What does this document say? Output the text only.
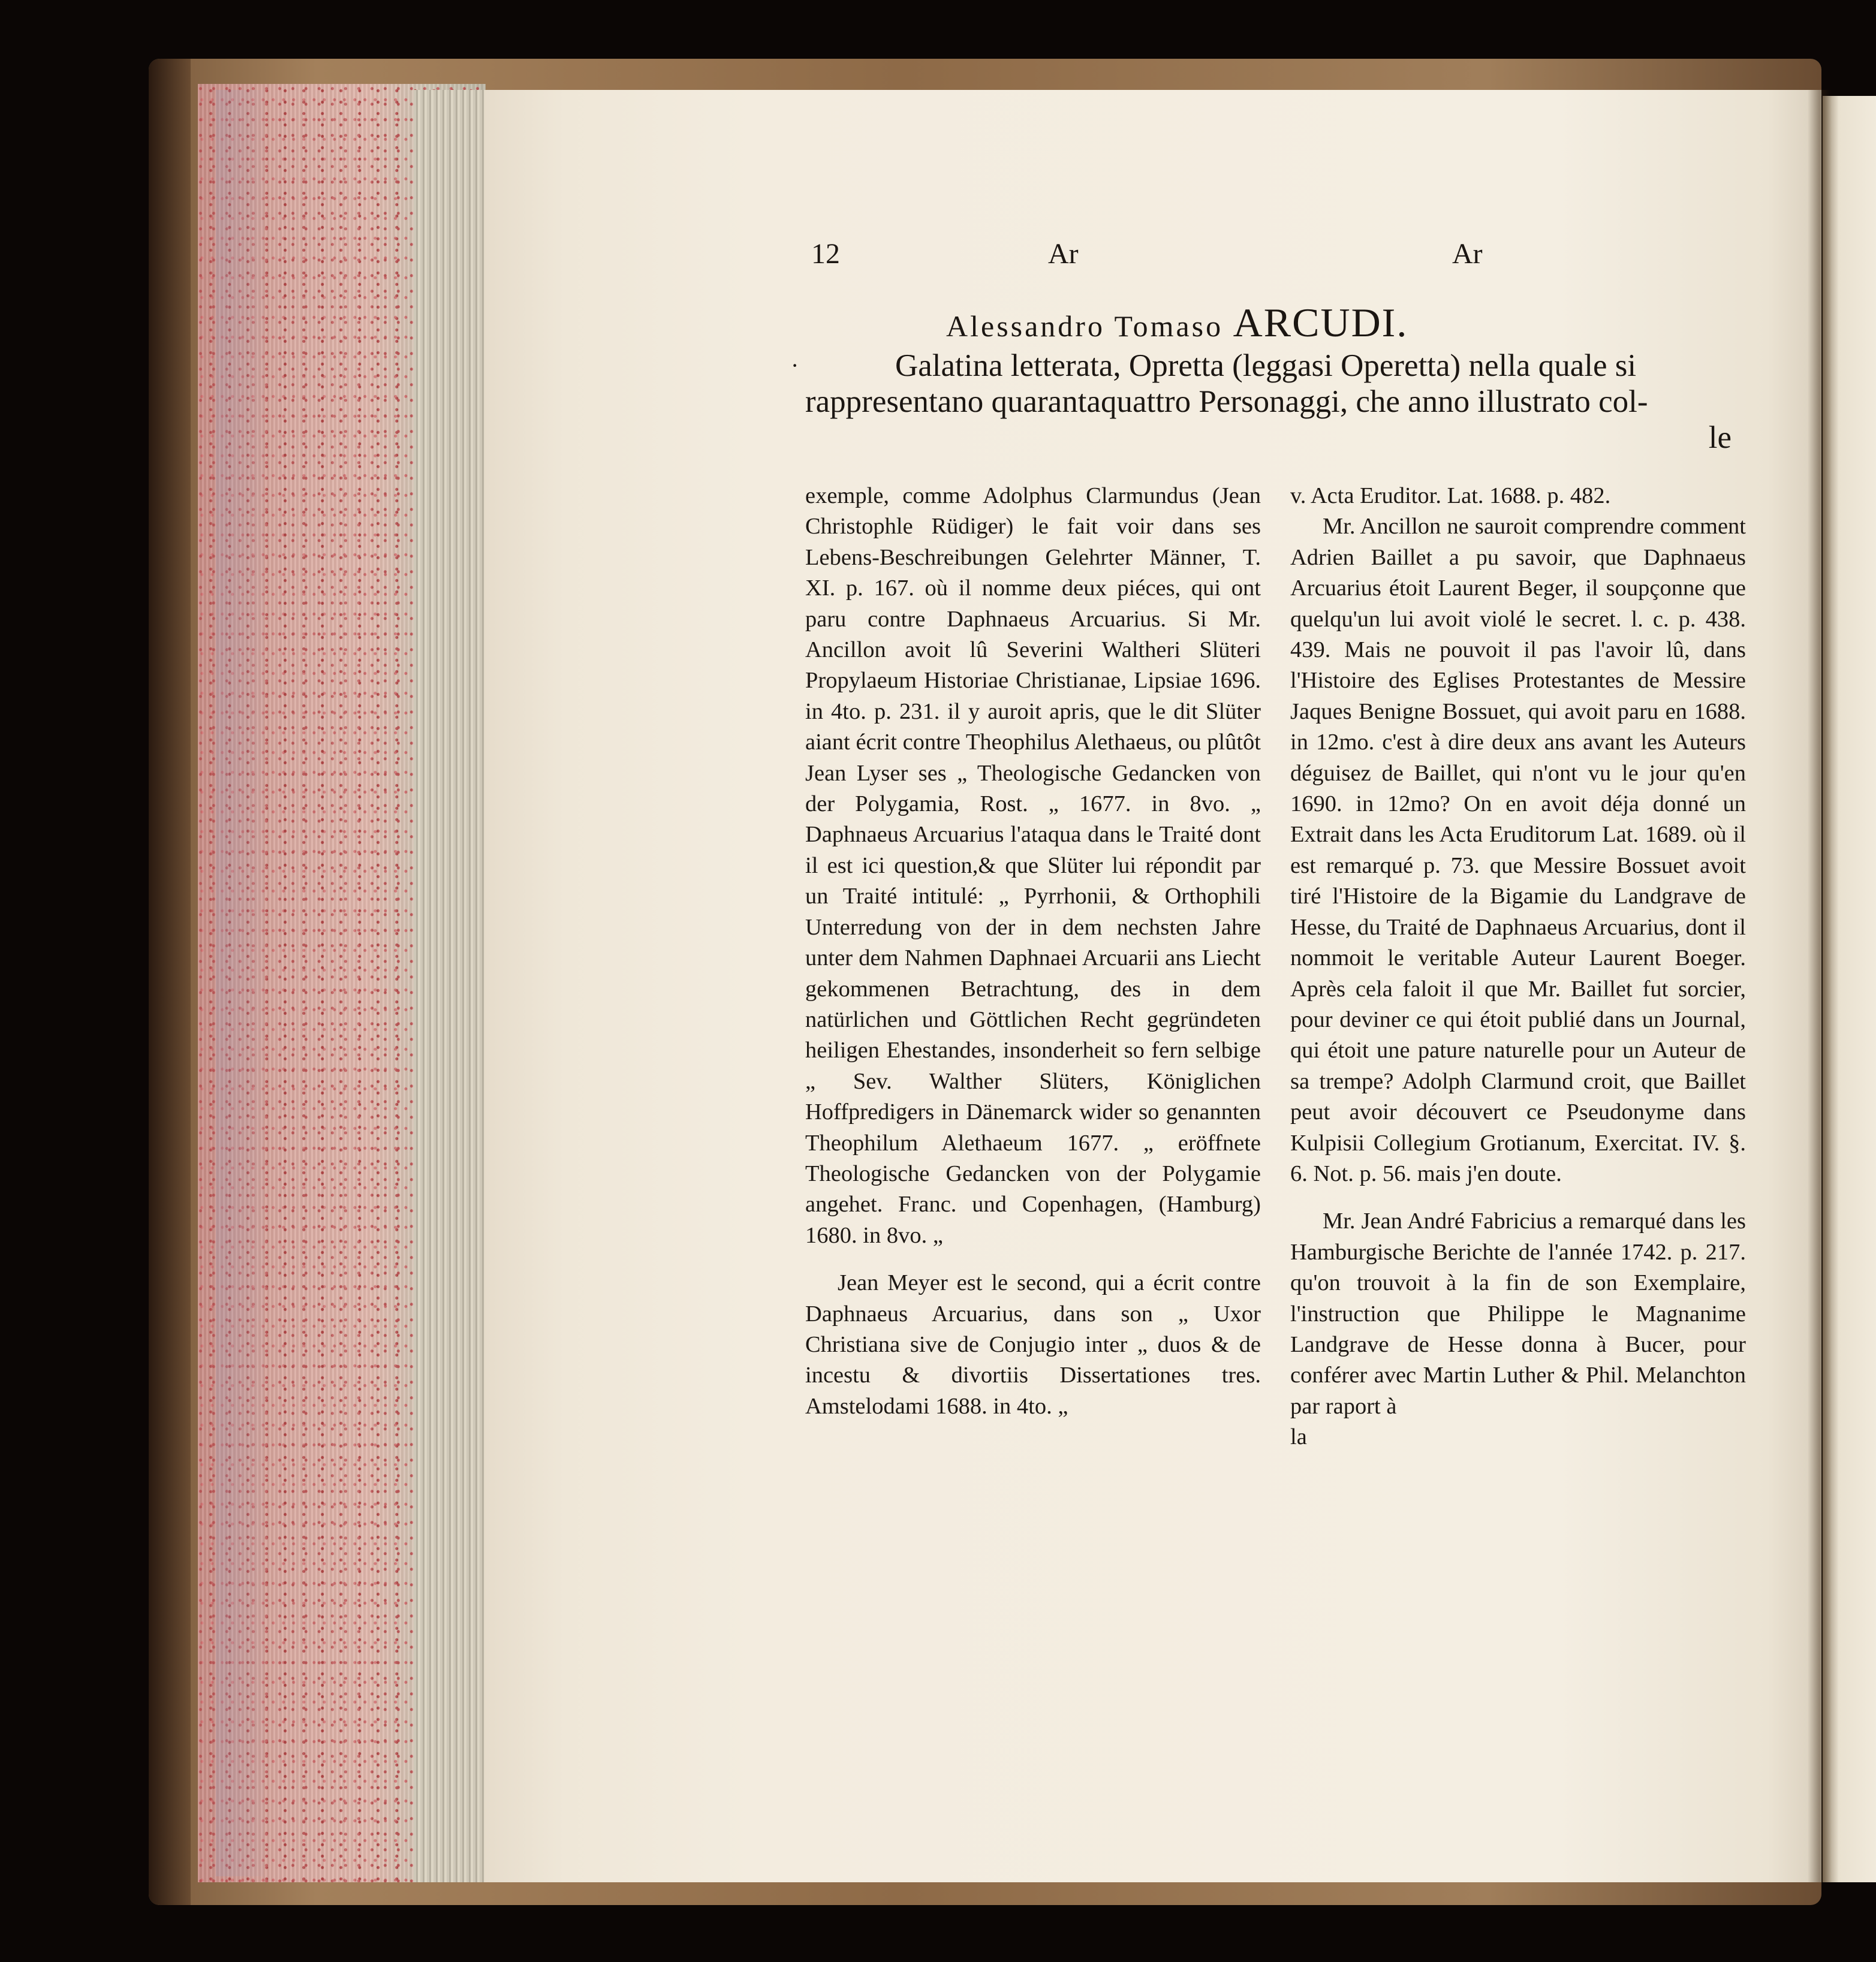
12	Ar	Ar
Alessandro Tomaso ARCUDI.
·	Galatina letterata, Opretta (leggasi Operetta) nella quale si
rappresentano quarantaquattro Personaggi, che anno illustrato col-
le

exemple, comme Adolphus Clarmundus (Jean Christophle Rüdiger) le fait voir dans ses Lebens-Beschreibungen Gelehrter Männer, T. XI. p. 167. où il nomme deux piéces, qui ont paru contre Daphnaeus Arcuarius. Si Mr. Ancillon avoit lû Severini Waltheri Slüteri Propylaeum Historiae Christianae, Lipsiae 1696. in 4to. p. 231. il y auroit apris, que le dit Slüter aiant écrit contre Theophilus Alethaeus, ou plûtôt Jean Lyser ses „ Theologische Gedancken von der Polygamia, Rost. „ 1677. in 8vo. „ Daphnaeus Arcuarius l'ataqua dans le Traité dont il est ici question,& que Slüter lui répondit par un Traité intitulé: „ Pyrrhonii, & Orthophili Unterredung von der in dem nechsten Jahre unter dem Nahmen Daphnaei Arcuarii ans Liecht gekommenen Betrachtung, des in dem natürlichen und Göttlichen Recht gegründeten heiligen Ehestandes, insonderheit so fern selbige „ Sev. Walther Slüters, Königlichen Hoffpredigers in Dänemarck wider so genannten Theophilum Alethaeum 1677. „ eröffnete Theologische Gedancken von der Polygamie angehet. Franc. und Copenhagen, (Hamburg) 1680. in 8vo. „

Jean Meyer est le second, qui a écrit contre Daphnaeus Arcuarius, dans son „ Uxor Christiana sive de Conjugio inter „ duos & de incestu & divortiis Dissertationes tres. Amstelodami 1688. in 4to. „

v. Acta Eruditor. Lat. 1688. p. 482.

Mr. Ancillon ne sauroit comprendre comment Adrien Baillet a pu savoir, que Daphnaeus Arcuarius étoit Laurent Beger, il soupçonne que quelqu'un lui avoit violé le secret. l. c. p. 438. 439. Mais ne pouvoit il pas l'avoir lû, dans l'Histoire des Eglises Protestantes de Messire Jaques Benigne Bossuet, qui avoit paru en 1688. in 12mo. c'est à dire deux ans avant les Auteurs déguisez de Baillet, qui n'ont vu le jour qu'en 1690. in 12mo? On en avoit déja donné un Extrait dans les Acta Eruditorum Lat. 1689. où il est remarqué p. 73. que Messire Bossuet avoit tiré l'Histoire de la Bigamie du Landgrave de Hesse, du Traité de Daphnaeus Arcuarius, dont il nommoit le veritable Auteur Laurent Boeger. Après cela faloit il que Mr. Baillet fut sorcier, pour deviner ce qui étoit publié dans un Journal, qui étoit une pature naturelle pour un Auteur de sa trempe? Adolph Clarmund croit, que Baillet peut avoir découvert ce Pseudonyme dans Kulpisii Collegium Grotianum, Exercitat. IV. §. 6. Not. p. 56. mais j'en doute.

Mr. Jean André Fabricius a remarqué dans les Hamburgische Berichte de l'année 1742. p. 217. qu'on trouvoit à la fin de son Exemplaire, l'instruction que Philippe le Magnanime Landgrave de Hesse donna à Bucer, pour conférer avec Martin Luther & Phil. Melanchton par raport à

la
